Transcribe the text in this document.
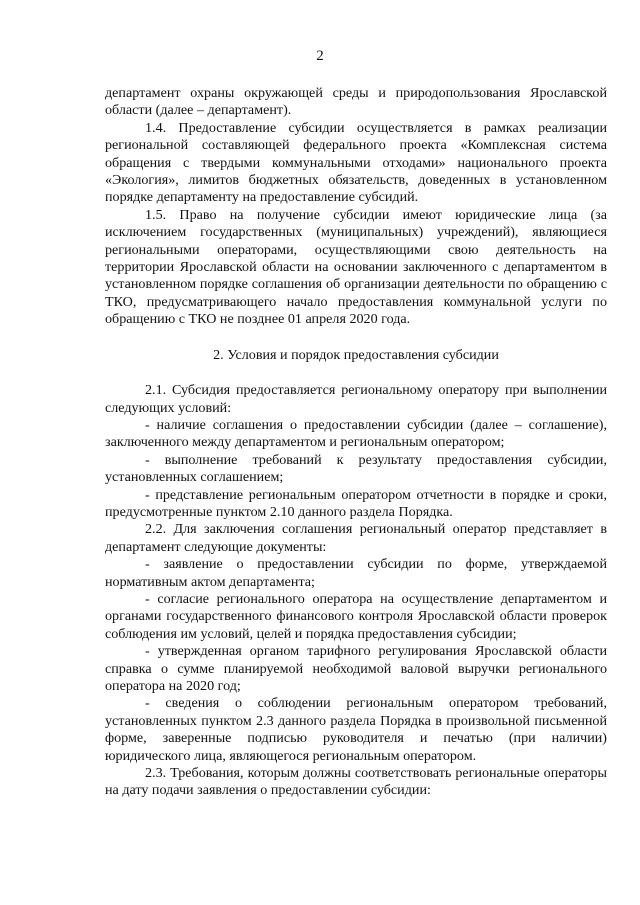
2

департамент охраны окружающей среды и природопользования Ярославской области (далее – департамент).

1.4. Предоставление субсидии осуществляется в рамках реализации региональной составляющей федерального проекта «Комплексная система обращения с твердыми коммунальными отходами» национального проекта «Экология», лимитов бюджетных обязательств, доведенных в установленном порядке департаменту на предоставление субсидий.

1.5. Право на получение субсидии имеют юридические лица (за исключением государственных (муниципальных) учреждений), являющиеся региональными операторами, осуществляющими свою деятельность на территории Ярославской области на основании заключенного с департаментом в установленном порядке соглашения об организации деятельности по обращению с ТКО, предусматривающего начало предоставления коммунальной услуги по обращению с ТКО не позднее 01 апреля 2020 года.

2. Условия и порядок предоставления субсидии

2.1. Субсидия предоставляется региональному оператору при выполнении следующих условий:

- наличие соглашения о предоставлении субсидии (далее – соглашение), заключенного между департаментом и региональным оператором;

- выполнение требований к результату предоставления субсидии, установленных соглашением;

- представление региональным оператором отчетности в порядке и сроки, предусмотренные пунктом 2.10 данного раздела Порядка.

2.2. Для заключения соглашения региональный оператор представляет в департамент следующие документы:

- заявление о предоставлении субсидии по форме, утверждаемой нормативным актом департамента;

- согласие регионального оператора на осуществление департаментом и органами государственного финансового контроля Ярославской области проверок соблюдения им условий, целей и порядка предоставления субсидии;

- утвержденная органом тарифного регулирования Ярославской области справка о сумме планируемой необходимой валовой выручки регионального оператора на 2020 год;

- сведения о соблюдении региональным оператором требований, установленных пунктом 2.3 данного раздела Порядка в произвольной письменной форме, заверенные подписью руководителя и печатью (при наличии) юридического лица, являющегося региональным оператором.

2.3. Требования, которым должны соответствовать региональные операторы на дату подачи заявления о предоставлении субсидии:
